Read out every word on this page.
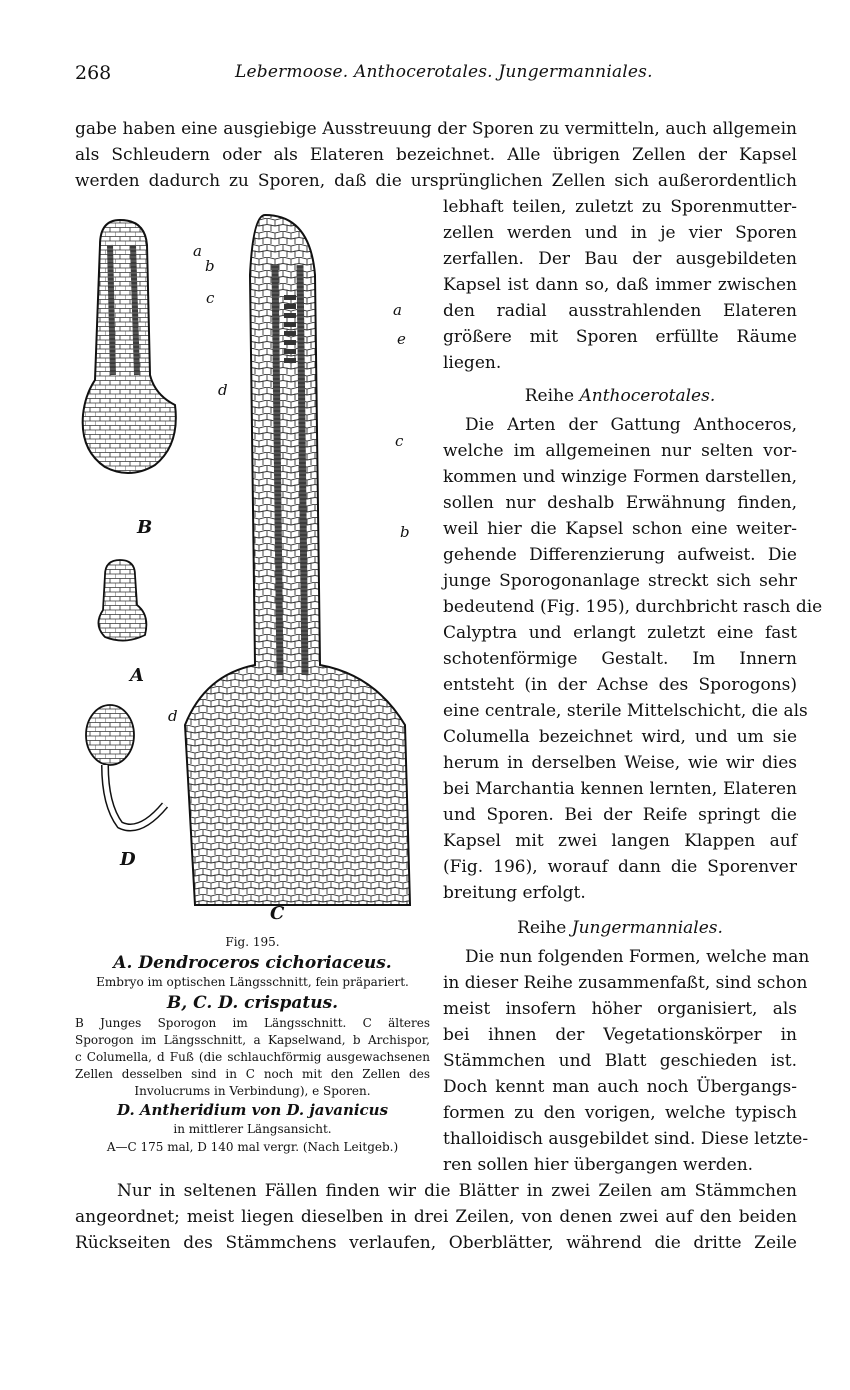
268	Lebermoose. Anthocerotales. Jungermanniales.
gabe haben eine ausgiebige Ausstreuung der Sporen zu vermitteln, auch allgemein
als Schleudern oder als Elateren bezeichnet. Alle übrigen Zellen der Kapsel
werden dadurch zu Sporen, daß die ursprünglichen Zellen sich außerordentlich
lebhaft teilen, zuletzt zu Sporenmutter-
zellen werden und in je vier Sporen
zerfallen. Der Bau der ausgebildeten
Kapsel ist dann so, daß immer zwischen
den radial ausstrahlenden Elateren
größere mit Sporen erfüllte Räume
liegen.
Reihe Anthocerotales.
Die Arten der Gattung Anthoceros,
welche im allgemeinen nur selten vor-
kommen und winzige Formen darstellen,
sollen nur deshalb Erwähnung finden,
weil hier die Kapsel schon eine weiter-
gehende Differenzierung aufweist. Die
junge Sporogonanlage streckt sich sehr
bedeutend (Fig. 195), durchbricht rasch die
Calyptra und erlangt zuletzt eine fast
schotenförmige Gestalt. Im Innern
entsteht (in der Achse des Sporogons)
eine centrale, sterile Mittelschicht, die als
Columella bezeichnet wird, und um sie
herum in derselben Weise, wie wir dies
bei Marchantia kennen lernten, Elateren
und Sporen. Bei der Reife springt die
Kapsel mit zwei langen Klappen auf
(Fig. 196), worauf dann die Sporenver
breitung erfolgt.
Reihe Jungermanniales.
Die nun folgenden Formen, welche man
in dieser Reihe zusammenfaßt, sind schon
meist insofern höher organisiert, als
bei ihnen der Vegetationskörper in
Stämmchen und Blatt geschieden ist.
Doch kennt man auch noch Übergangs-
formen zu den vorigen, welche typisch
thalloidisch ausgebildet sind. Diese letzte-
ren sollen hier übergangen werden.
Nur in seltenen Fällen finden wir die Blätter in zwei Zeilen am Stämmchen
angeordnet; meist liegen dieselben in drei Zeilen, von denen zwei auf den beiden
Rückseiten des Stämmchens verlaufen, Oberblätter, während die dritte Zeile
B
A
D
C
a
b
c
d
a
e
c
b
d
Fig. 195.
A. Dendroceros cichoriaceus.
Embryo im optischen Längsschnitt, fein präpariert.
B, C. D. crispatus.
B Junges Sporogon im Längsschnitt. C älteres
Sporogon im Längsschnitt, a Kapselwand, b Archispor,
c Columella, d Fuß (die schlauchförmig ausgewachsenen
Zellen desselben sind in C noch mit den Zellen des
Involucrums in Verbindung), e Sporen.
D. Antheridium von D. javanicus
in mittlerer Längsansicht.
A—C 175 mal, D 140 mal vergr. (Nach Leitgeb.)
